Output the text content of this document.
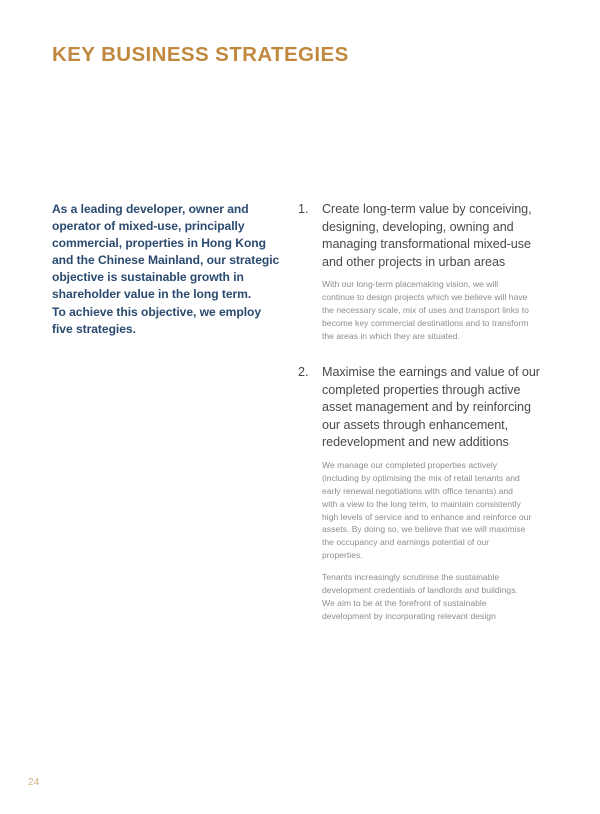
KEY BUSINESS STRATEGIES
As a leading developer, owner and
operator of mixed-use, principally
commercial, properties in Hong Kong
and the Chinese Mainland, our strategic
objective is sustainable growth in
shareholder value in the long term.
To achieve this objective, we employ
five strategies.
1.	Create long-term value by conceiving,
designing, developing, owning and
managing transformational mixed-use
and other projects in urban areas

With our long-term placemaking vision, we will
continue to design projects which we believe will have
the necessary scale, mix of uses and transport links to
become key commercial destinations and to transform
the areas in which they are situated.

2.	Maximise the earnings and value of our
completed properties through active
asset management and by reinforcing
our assets through enhancement,
redevelopment and new additions

We manage our completed properties actively
(including by optimising the mix of retail tenants and
early renewal negotiations with office tenants) and
with a view to the long term, to maintain consistently
high levels of service and to enhance and reinforce our
assets. By doing so, we believe that we will maximise
the occupancy and earnings potential of our
properties.

Tenants increasingly scrutinise the sustainable
development credentials of landlords and buildings.
We aim to be at the forefront of sustainable
development by incorporating relevant design

24
